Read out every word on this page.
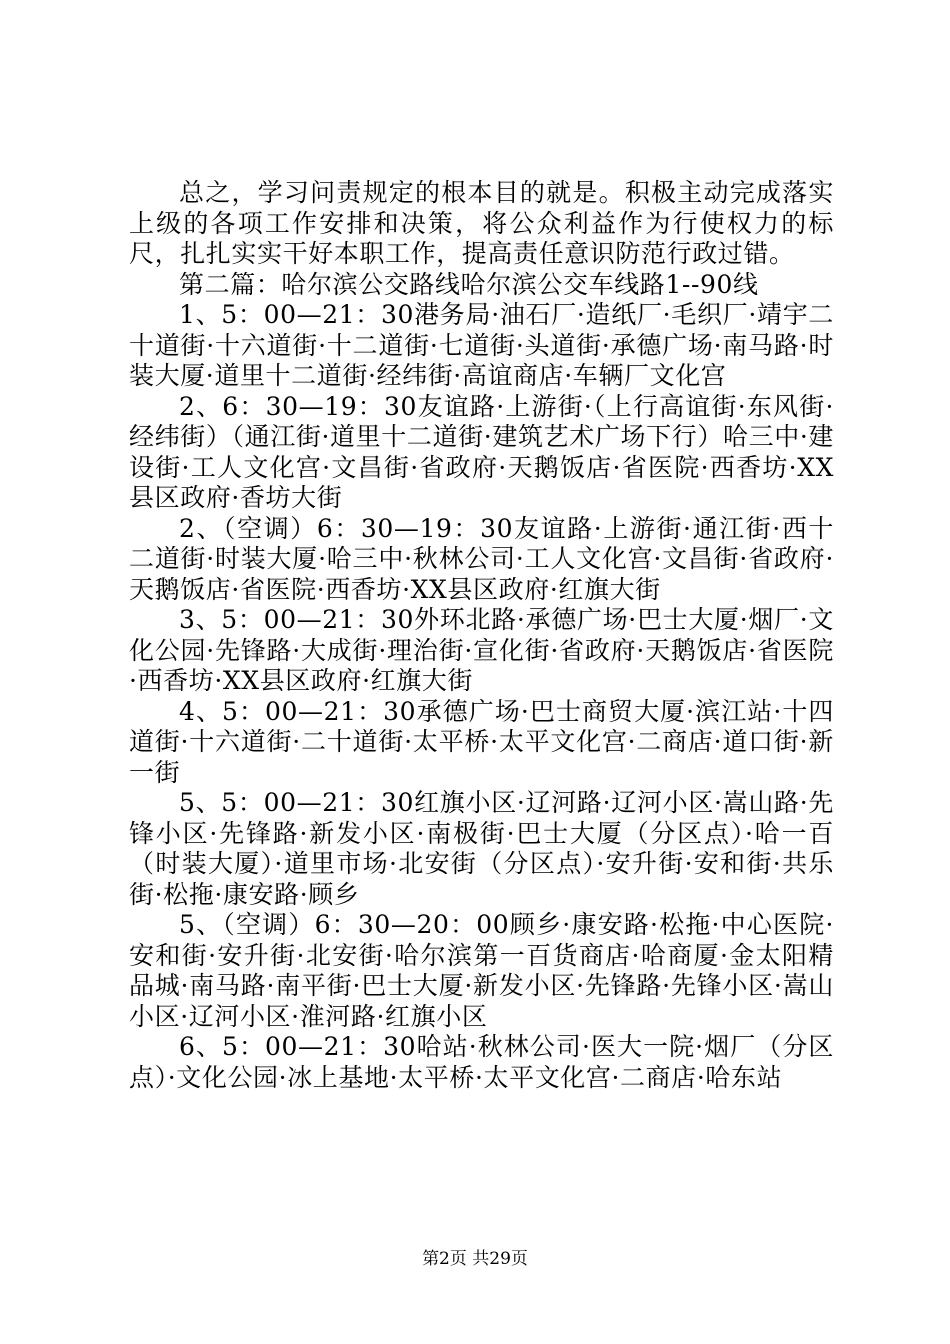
总之，学习问责规定的根本目的就是。积极主动完成落实上级的各项工作安排和决策，将公众利益作为行使权力的标尺，扎扎实实干好本职工作，提高责任意识防范行政过错。

第二篇：哈尔滨公交路线哈尔滨公交车线路1--90线

1、5：00—21：30港务局·油石厂·造纸厂·毛织厂·靖宇二十道街·十六道街·十二道街·七道街·头道街·承德广场·南马路·时装大厦·道里十二道街·经纬街·高谊商店·车辆厂文化宫

2、6：30—19：30友谊路·上游街·（上行高谊街·东风街·经纬街）（通江街·道里十二道街·建筑艺术广场下行）哈三中·建设街·工人文化宫·文昌街·省政府·天鹅饭店·省医院·西香坊·XX县区政府·香坊大街

2、（空调）6：30—19：30友谊路·上游街·通江街·西十二道街·时装大厦·哈三中·秋林公司·工人文化宫·文昌街·省政府·天鹅饭店·省医院·西香坊·XX县区政府·红旗大街

3、5：00—21：30外环北路·承德广场·巴士大厦·烟厂·文化公园·先锋路·大成街·理治街·宣化街·省政府·天鹅饭店·省医院·西香坊·XX县区政府·红旗大街

4、5：00—21：30承德广场·巴士商贸大厦·滨江站·十四道街·十六道街·二十道街·太平桥·太平文化宫·二商店·道口街·新一街

5、5：00—21：30红旗小区·辽河路·辽河小区·嵩山路·先锋小区·先锋路·新发小区·南极街·巴士大厦（分区点）·哈一百（时装大厦）·道里市场·北安街（分区点）·安升街·安和街·共乐街·松拖·康安路·顾乡

5、（空调）6：30—20：00顾乡·康安路·松拖·中心医院·安和街·安升街·北安街·哈尔滨第一百货商店·哈商厦·金太阳精品城·南马路·南平街·巴士大厦·新发小区·先锋路·先锋小区·嵩山小区·辽河小区·淮河路·红旗小区

6、5：00—21：30哈站·秋林公司·医大一院·烟厂（分区点）·文化公园·冰上基地·太平桥·太平文化宫·二商店·哈东站

第2页 共29页
